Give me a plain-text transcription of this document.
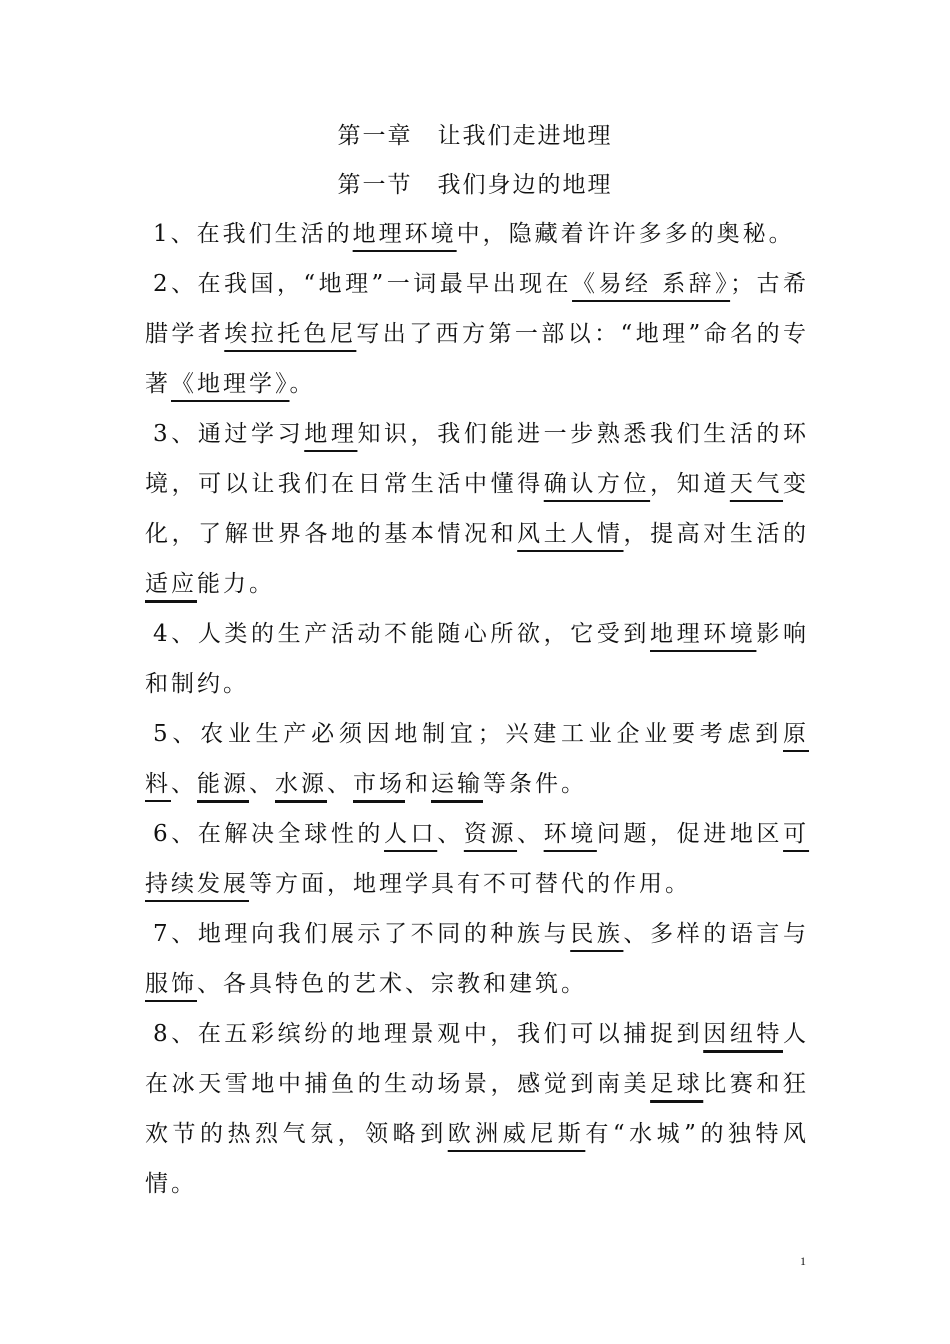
第一章　让我们走进地理
第一节　我们身边的地理

1、在我们生活的地理环境中，隐藏着许许多多的奥秘。

2、在我国，“地理”一词最早出现在《易经 系辞》；古希腊学者埃拉托色尼写出了西方第一部以：“地理”命名的专著《地理学》。

3、通过学习地理知识，我们能进一步熟悉我们生活的环境，可以让我们在日常生活中懂得确认方位，知道天气变化，了解世界各地的基本情况和风土人情，提高对生活的适应能力。

4、人类的生产活动不能随心所欲，它受到地理环境影响和制约。

5、农业生产必须因地制宜；兴建工业企业要考虑到原料、能源、水源、市场和运输等条件。

6、在解决全球性的人口、资源、环境问题，促进地区可持续发展等方面，地理学具有不可替代的作用。

7、地理向我们展示了不同的种族与民族、多样的语言与服饰、各具特色的艺术、宗教和建筑。

8、在五彩缤纷的地理景观中，我们可以捕捉到因纽特人在冰天雪地中捕鱼的生动场景，感觉到南美足球比赛和狂欢节的热烈气氛，领略到欧洲威尼斯有“水城”的独特风情。

1
